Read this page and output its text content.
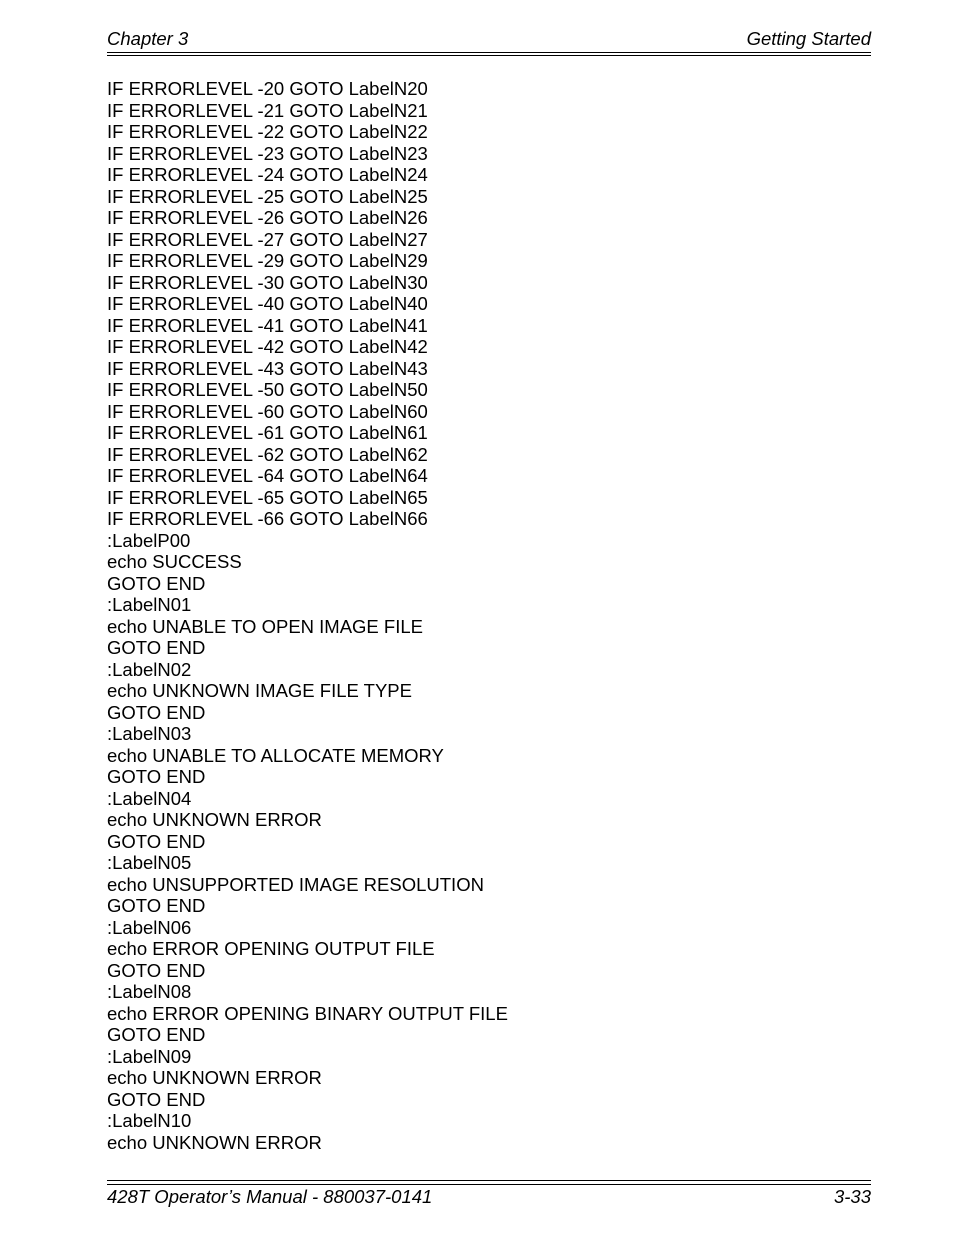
Chapter 3	Getting Started
IF ERRORLEVEL -20 GOTO LabelN20
IF ERRORLEVEL -21 GOTO LabelN21
IF ERRORLEVEL -22 GOTO LabelN22
IF ERRORLEVEL -23 GOTO LabelN23
IF ERRORLEVEL -24 GOTO LabelN24
IF ERRORLEVEL -25 GOTO LabelN25
IF ERRORLEVEL -26 GOTO LabelN26
IF ERRORLEVEL -27 GOTO LabelN27
IF ERRORLEVEL -29 GOTO LabelN29
IF ERRORLEVEL -30 GOTO LabelN30
IF ERRORLEVEL -40 GOTO LabelN40
IF ERRORLEVEL -41 GOTO LabelN41
IF ERRORLEVEL -42 GOTO LabelN42
IF ERRORLEVEL -43 GOTO LabelN43
IF ERRORLEVEL -50 GOTO LabelN50
IF ERRORLEVEL -60 GOTO LabelN60
IF ERRORLEVEL -61 GOTO LabelN61
IF ERRORLEVEL -62 GOTO LabelN62
IF ERRORLEVEL -64 GOTO LabelN64
IF ERRORLEVEL -65 GOTO LabelN65
IF ERRORLEVEL -66 GOTO LabelN66
:LabelP00
echo SUCCESS
GOTO END
:LabelN01
echo UNABLE TO OPEN IMAGE FILE
GOTO END
:LabelN02
echo UNKNOWN IMAGE FILE TYPE
GOTO END
:LabelN03
echo UNABLE TO ALLOCATE MEMORY
GOTO END
:LabelN04
echo UNKNOWN ERROR
GOTO END
:LabelN05
echo UNSUPPORTED IMAGE RESOLUTION
GOTO END
:LabelN06
echo ERROR OPENING OUTPUT FILE
GOTO END
:LabelN08
echo ERROR OPENING BINARY OUTPUT FILE
GOTO END
:LabelN09
echo UNKNOWN ERROR
GOTO END
:LabelN10
echo UNKNOWN ERROR
428T Operator’s Manual - 880037-0141	3-33
